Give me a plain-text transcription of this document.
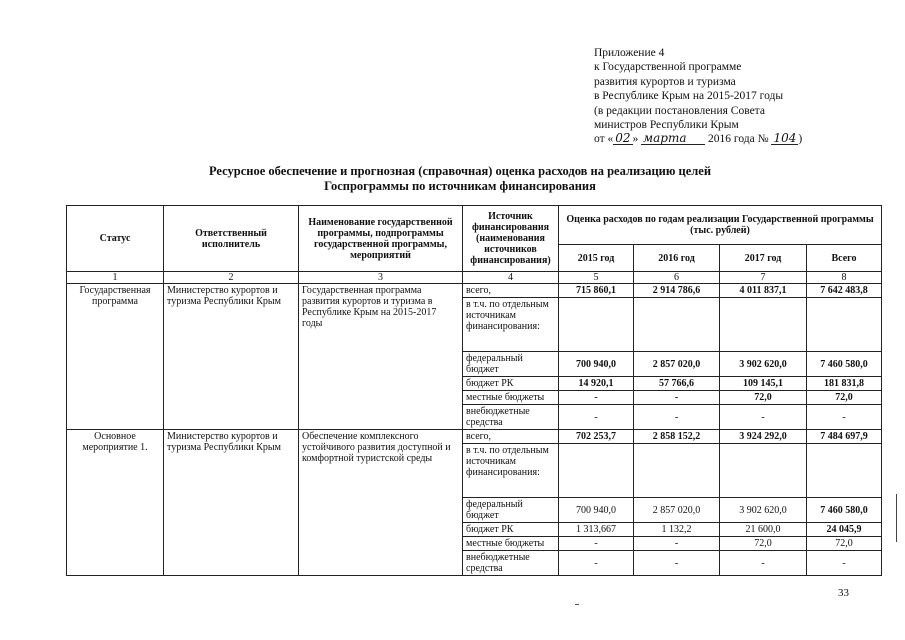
Приложение 4
к Государственной программе
развития курортов и туризма
в Республике Крым на 2015-2017 годы
(в редакции постановления Совета
министров Республики Крым
от « 02 » марта 2016 года № 104 )
Ресурсное обеспечение и прогнозная (справочная) оценка расходов на реализацию целей
Госпрограммы по источникам финансирования
Статус	Ответственный исполнитель	Наименование государственной программы, подпрограммы государственной программы, мероприятий	Источник финансирования (наименования источников финансирования)	Оценка расходов по годам реализации Государственной программы (тыс. рублей)			
				2015 год	2016 год	2017 год	Всего
1	2	3	4	5	6	7	8
Государственная программа	Министерство курортов и туризма Республики Крым	Государственная программа развития курортов и туризма в Республике Крым на 2015-2017 годы	всего,	715 860,1	2 914 786,6	4 011 837,1	7 642 483,8
			в т.ч. по отдельным источникам финансирования:				
			федеральный бюджет	700 940,0	2 857 020,0	3 902 620,0	7 460 580,0
			бюджет РК	14 920,1	57 766,6	109 145,1	181 831,8
			местные бюджеты	-	-	72,0	72,0
			внебюджетные средства	-	-	-	-
Основное мероприятие 1.	Министерство курортов и туризма Республики Крым	Обеспечение комплексного устойчивого развития доступной и комфортной туристской среды	всего,	702 253,7	2 858 152,2	3 924 292,0	7 484 697,9
			в т.ч. по отдельным источникам финансирования:				
			федеральный бюджет	700 940,0	2 857 020,0	3 902 620,0	7 460 580,0
			бюджет РК	1 313,667	1 132,2	21 600,0	24 045,9
			местные бюджеты	-	-	72,0	72,0
			внебюджетные средства	-	-	-	-
33
